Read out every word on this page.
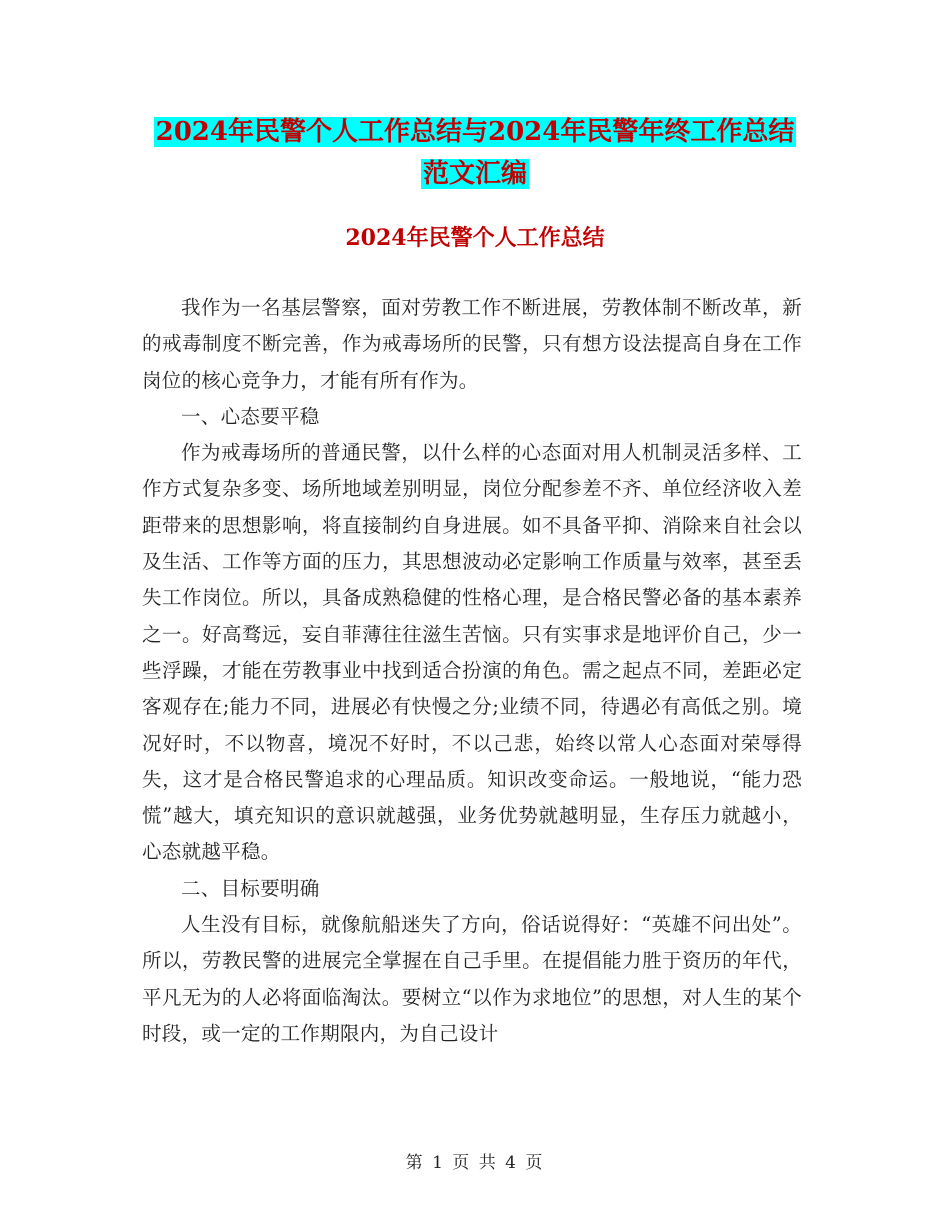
2024年民警个人工作总结与2024年民警年终工作总结
范文汇编
2024年民警个人工作总结

我作为一名基层警察，面对劳教工作不断进展，劳教体制不断改革，新的戒毒制度不断完善，作为戒毒场所的民警，只有想方设法提高自身在工作岗位的核心竞争力，才能有所有作为。

一、心态要平稳

作为戒毒场所的普通民警，以什么样的心态面对用人机制灵活多样、工作方式复杂多变、场所地域差别明显，岗位分配参差不齐、单位经济收入差距带来的思想影响，将直接制约自身进展。如不具备平抑、消除来自社会以及生活、工作等方面的压力，其思想波动必定影响工作质量与效率，甚至丢失工作岗位。所以，具备成熟稳健的性格心理，是合格民警必备的基本素养之一。好高骛远，妄自菲薄往往滋生苦恼。只有实事求是地评价自己，少一些浮躁，才能在劳教事业中找到适合扮演的角色。需之起点不同，差距必定客观存在;能力不同，进展必有快慢之分;业绩不同，待遇必有高低之别。境况好时，不以物喜，境况不好时，不以己悲，始终以常人心态面对荣辱得失，这才是合格民警追求的心理品质。知识改变命运。一般地说，“能力恐慌”越大，填充知识的意识就越强，业务优势就越明显，生存压力就越小，心态就越平稳。

二、目标要明确

人生没有目标，就像航船迷失了方向，俗话说得好：“英雄不问出处”。所以，劳教民警的进展完全掌握在自己手里。在提倡能力胜于资历的年代，平凡无为的人必将面临淘汰。要树立“以作为求地位”的思想，对人生的某个时段，或一定的工作期限内，为自己设计

第 1 页 共 4 页
